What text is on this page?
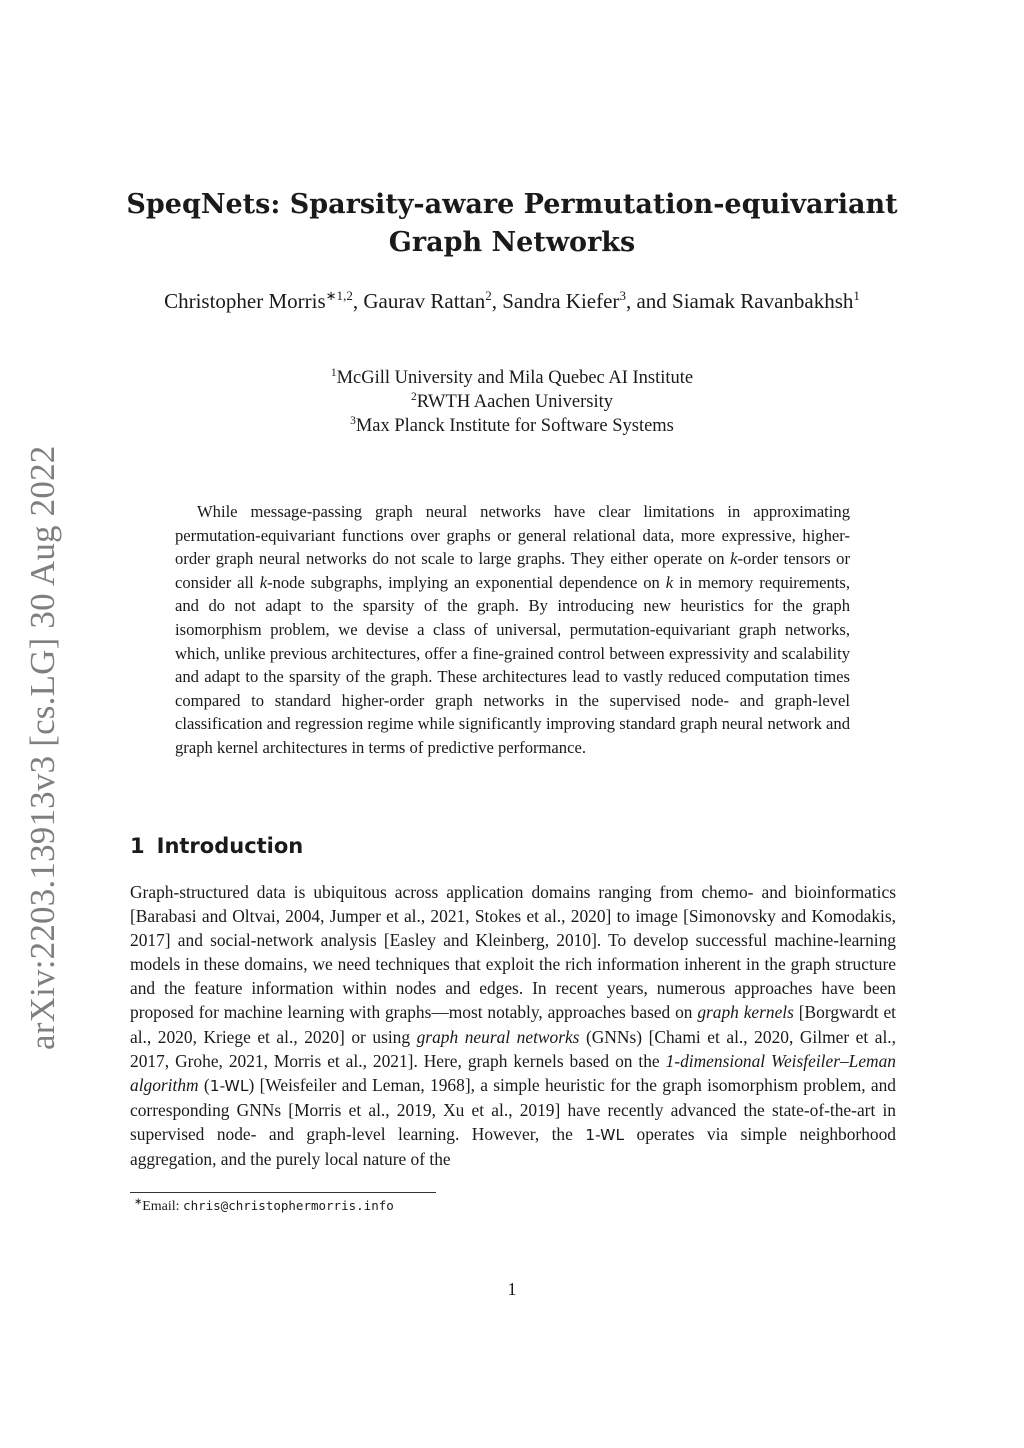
arXiv:2203.13913v3 [cs.LG] 30 Aug 2022
SpeqNets: Sparsity-aware Permutation-equivariant
Graph Networks
Christopher Morris$^{∗1,2}$, Gaurav Rattan$^2$, Sandra Kiefer$^3$, and Siamak Ravanbakhsh$^1$
$^1$McGill University and Mila Quebec AI Institute
$^2$RWTH Aachen University
$^3$Max Planck Institute for Software Systems
While message-passing graph neural networks have clear limitations in approximating permutation-equivariant functions over graphs or general relational data, more expressive, higher-order graph neural networks do not scale to large graphs. They either operate on k-order tensors or consider all k-node subgraphs, implying an exponential dependence on k in memory requirements, and do not adapt to the sparsity of the graph. By introducing new heuristics for the graph isomorphism problem, we devise a class of universal, permutation-equivariant graph networks, which, unlike previous architectures, offer a fine-grained control between expressivity and scalability and adapt to the sparsity of the graph. These architectures lead to vastly reduced computation times compared to standard higher-order graph networks in the supervised node- and graph-level classification and regression regime while significantly improving standard graph neural network and graph kernel architectures in terms of predictive performance.
1 Introduction
Graph-structured data is ubiquitous across application domains ranging from chemo- and bioinformatics [Barabasi and Oltvai, 2004, Jumper et al., 2021, Stokes et al., 2020] to image [Simonovsky and Komodakis, 2017] and social-network analysis [Easley and Kleinberg, 2010]. To develop successful machine-learning models in these domains, we need techniques that exploit the rich information inherent in the graph structure and the feature information within nodes and edges. In recent years, numerous approaches have been proposed for machine learning with graphs—most notably, approaches based on graph kernels [Borgwardt et al., 2020, Kriege et al., 2020] or using graph neural networks (GNNs) [Chami et al., 2020, Gilmer et al., 2017, Grohe, 2021, Morris et al., 2021]. Here, graph kernels based on the 1-dimensional Weisfeiler–Leman algorithm (1-WL) [Weisfeiler and Leman, 1968], a simple heuristic for the graph isomorphism problem, and corresponding GNNs [Morris et al., 2019, Xu et al., 2019] have recently advanced the state-of-the-art in supervised node- and graph-level learning. However, the 1-WL operates via simple neighborhood aggregation, and the purely local nature of the
∗Email: chris@christophermorris.info
1
